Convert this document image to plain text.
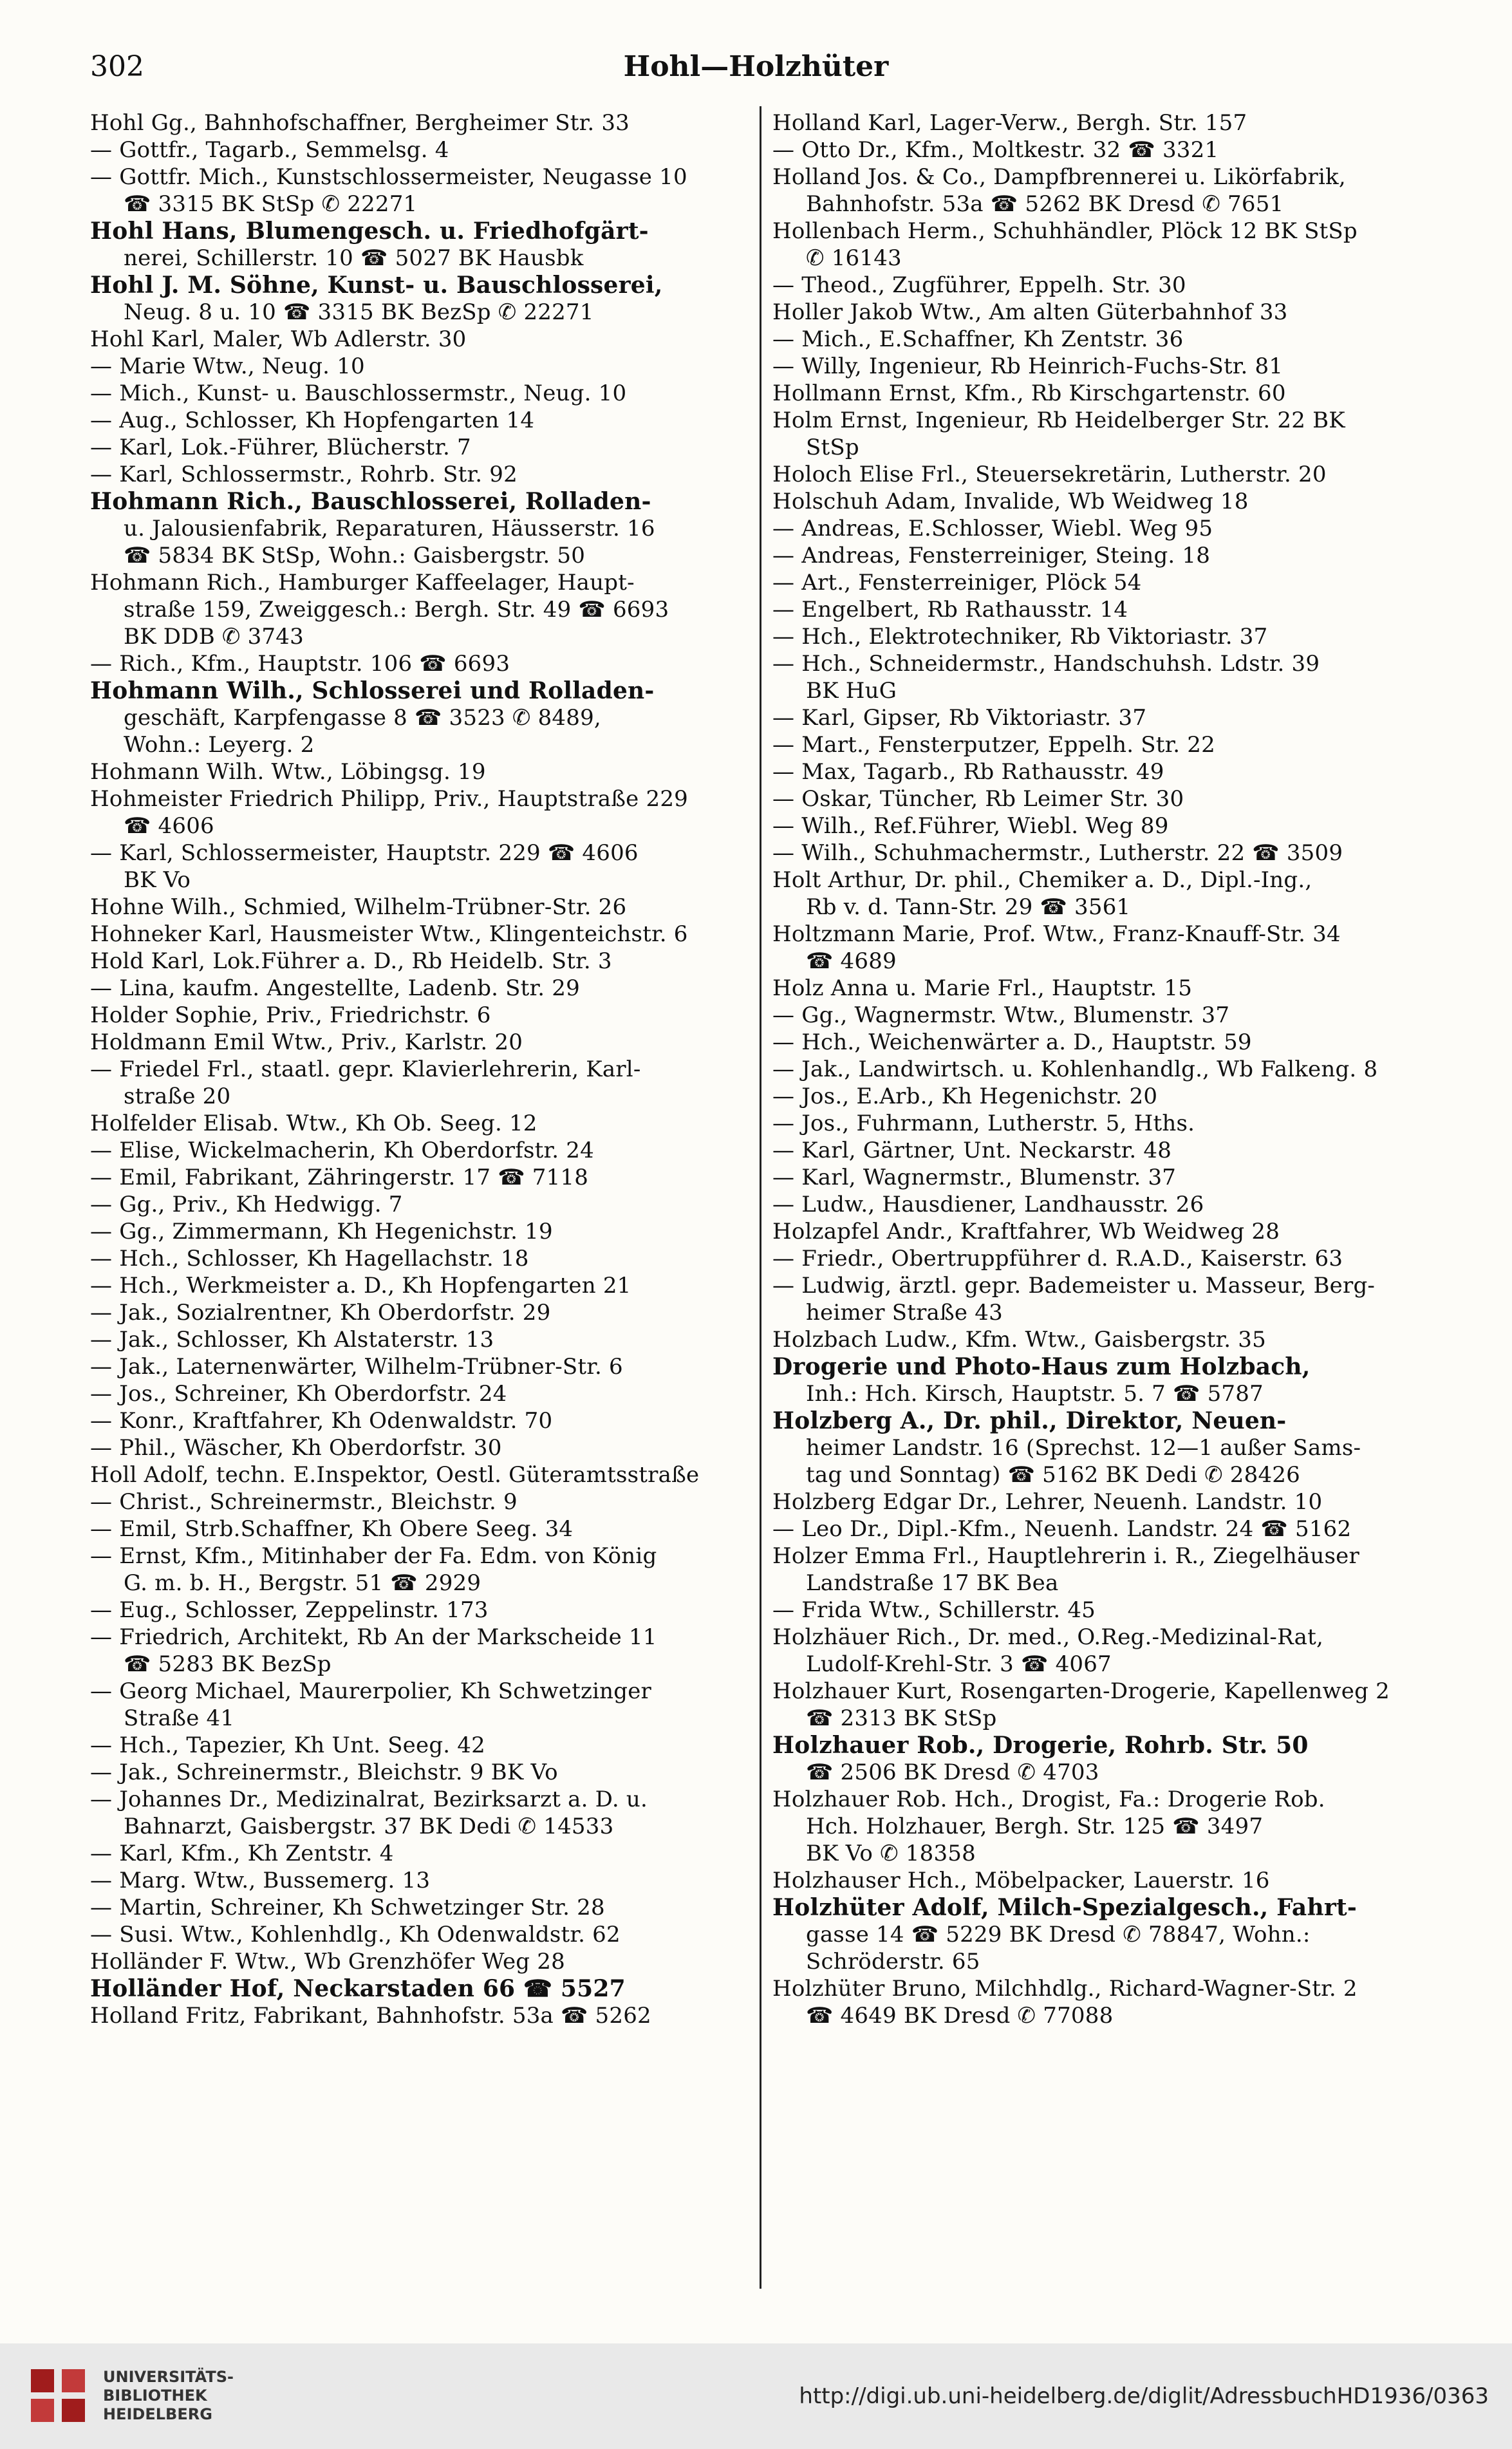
302	Hohl—Holzhüter
Hohl Gg., Bahnhofschaffner, Bergheimer Str. 33
— Gottfr., Tagarb., Semmelsg. 4
— Gottfr. Mich., Kunstschlossermeister, Neugasse 10
☎ 3315 BK StSp ✆ 22271
Hohl Hans, Blumengesch. u. Friedhofgärt-
nerei, Schillerstr. 10 ☎ 5027 BK Hausbk
Hohl J. M. Söhne, Kunst- u. Bauschlosserei,
Neug. 8 u. 10 ☎ 3315 BK BezSp ✆ 22271
Hohl Karl, Maler, Wb Adlerstr. 30
— Marie Wtw., Neug. 10
— Mich., Kunst- u. Bauschlossermstr., Neug. 10
— Aug., Schlosser, Kh Hopfengarten 14
— Karl, Lok.-Führer, Blücherstr. 7
— Karl, Schlossermstr., Rohrb. Str. 92
Hohmann Rich., Bauschlosserei, Rolladen-
u. Jalousienfabrik, Reparaturen, Häusserstr. 16
☎ 5834 BK StSp, Wohn.: Gaisbergstr. 50
Hohmann Rich., Hamburger Kaffeelager, Haupt-
straße 159, Zweiggesch.: Bergh. Str. 49 ☎ 6693
BK DDB ✆ 3743
— Rich., Kfm., Hauptstr. 106 ☎ 6693
Hohmann Wilh., Schlosserei und Rolladen-
geschäft, Karpfengasse 8 ☎ 3523 ✆ 8489,
Wohn.: Leyerg. 2
Hohmann Wilh. Wtw., Löbingsg. 19
Hohmeister Friedrich Philipp, Priv., Hauptstraße 229
☎ 4606
— Karl, Schlossermeister, Hauptstr. 229 ☎ 4606
BK Vo
Hohne Wilh., Schmied, Wilhelm-Trübner-Str. 26
Hohneker Karl, Hausmeister Wtw., Klingenteichstr. 6
Hold Karl, Lok.Führer a. D., Rb Heidelb. Str. 3
— Lina, kaufm. Angestellte, Ladenb. Str. 29
Holder Sophie, Priv., Friedrichstr. 6
Holdmann Emil Wtw., Priv., Karlstr. 20
— Friedel Frl., staatl. gepr. Klavierlehrerin, Karl-
straße 20
Holfelder Elisab. Wtw., Kh Ob. Seeg. 12
— Elise, Wickelmacherin, Kh Oberdorfstr. 24
— Emil, Fabrikant, Zähringerstr. 17 ☎ 7118
— Gg., Priv., Kh Hedwigg. 7
— Gg., Zimmermann, Kh Hegenichstr. 19
— Hch., Schlosser, Kh Hagellachstr. 18
— Hch., Werkmeister a. D., Kh Hopfengarten 21
— Jak., Sozialrentner, Kh Oberdorfstr. 29
— Jak., Schlosser, Kh Alstaterstr. 13
— Jak., Laternenwärter, Wilhelm-Trübner-Str. 6
— Jos., Schreiner, Kh Oberdorfstr. 24
— Konr., Kraftfahrer, Kh Odenwaldstr. 70
— Phil., Wäscher, Kh Oberdorfstr. 30
Holl Adolf, techn. E.Inspektor, Oestl. Güteramtsstraße
— Christ., Schreinermstr., Bleichstr. 9
— Emil, Strb.Schaffner, Kh Obere Seeg. 34
— Ernst, Kfm., Mitinhaber der Fa. Edm. von König
G. m. b. H., Bergstr. 51 ☎ 2929
— Eug., Schlosser, Zeppelinstr. 173
— Friedrich, Architekt, Rb An der Markscheide 11
☎ 5283 BK BezSp
— Georg Michael, Maurerpolier, Kh Schwetzinger
Straße 41
— Hch., Tapezier, Kh Unt. Seeg. 42
— Jak., Schreinermstr., Bleichstr. 9 BK Vo
— Johannes Dr., Medizinalrat, Bezirksarzt a. D. u.
Bahnarzt, Gaisbergstr. 37 BK Dedi ✆ 14533
— Karl, Kfm., Kh Zentstr. 4
— Marg. Wtw., Bussemerg. 13
— Martin, Schreiner, Kh Schwetzinger Str. 28
— Susi. Wtw., Kohlenhdlg., Kh Odenwaldstr. 62
Holländer F. Wtw., Wb Grenzhöfer Weg 28
Holländer Hof, Neckarstaden 66 ☎ 5527
Holland Fritz, Fabrikant, Bahnhofstr. 53a ☎ 5262
Holland Karl, Lager-Verw., Bergh. Str. 157
— Otto Dr., Kfm., Moltkestr. 32 ☎ 3321
Holland Jos. & Co., Dampfbrennerei u. Likörfabrik,
Bahnhofstr. 53a ☎ 5262 BK Dresd ✆ 7651
Hollenbach Herm., Schuhhändler, Plöck 12 BK StSp
✆ 16143
— Theod., Zugführer, Eppelh. Str. 30
Holler Jakob Wtw., Am alten Güterbahnhof 33
— Mich., E.Schaffner, Kh Zentstr. 36
— Willy, Ingenieur, Rb Heinrich-Fuchs-Str. 81
Hollmann Ernst, Kfm., Rb Kirschgartenstr. 60
Holm Ernst, Ingenieur, Rb Heidelberger Str. 22 BK
StSp
Holoch Elise Frl., Steuersekretärin, Lutherstr. 20
Holschuh Adam, Invalide, Wb Weidweg 18
— Andreas, E.Schlosser, Wiebl. Weg 95
— Andreas, Fensterreiniger, Steing. 18
— Art., Fensterreiniger, Plöck 54
— Engelbert, Rb Rathausstr. 14
— Hch., Elektrotechniker, Rb Viktoriastr. 37
— Hch., Schneidermstr., Handschuhsh. Ldstr. 39
BK HuG
— Karl, Gipser, Rb Viktoriastr. 37
— Mart., Fensterputzer, Eppelh. Str. 22
— Max, Tagarb., Rb Rathausstr. 49
— Oskar, Tüncher, Rb Leimer Str. 30
— Wilh., Ref.Führer, Wiebl. Weg 89
— Wilh., Schuhmachermstr., Lutherstr. 22 ☎ 3509
Holt Arthur, Dr. phil., Chemiker a. D., Dipl.-Ing.,
Rb v. d. Tann-Str. 29 ☎ 3561
Holtzmann Marie, Prof. Wtw., Franz-Knauff-Str. 34
☎ 4689
Holz Anna u. Marie Frl., Hauptstr. 15
— Gg., Wagnermstr. Wtw., Blumenstr. 37
— Hch., Weichenwärter a. D., Hauptstr. 59
— Jak., Landwirtsch. u. Kohlenhandlg., Wb Falkeng. 8
— Jos., E.Arb., Kh Hegenichstr. 20
— Jos., Fuhrmann, Lutherstr. 5, Hths.
— Karl, Gärtner, Unt. Neckarstr. 48
— Karl, Wagnermstr., Blumenstr. 37
— Ludw., Hausdiener, Landhausstr. 26
Holzapfel Andr., Kraftfahrer, Wb Weidweg 28
— Friedr., Obertruppführer d. R.A.D., Kaiserstr. 63
— Ludwig, ärztl. gepr. Bademeister u. Masseur, Berg-
heimer Straße 43
Holzbach Ludw., Kfm. Wtw., Gaisbergstr. 35
Drogerie und Photo-Haus zum Holzbach,
Inh.: Hch. Kirsch, Hauptstr. 5. 7 ☎ 5787
Holzberg A., Dr. phil., Direktor, Neuen-
heimer Landstr. 16 (Sprechst. 12—1 außer Sams-
tag und Sonntag) ☎ 5162 BK Dedi ✆ 28426
Holzberg Edgar Dr., Lehrer, Neuenh. Landstr. 10
— Leo Dr., Dipl.-Kfm., Neuenh. Landstr. 24 ☎ 5162
Holzer Emma Frl., Hauptlehrerin i. R., Ziegelhäuser
Landstraße 17 BK Bea
— Frida Wtw., Schillerstr. 45
Holzhäuer Rich., Dr. med., O.Reg.-Medizinal-Rat,
Ludolf-Krehl-Str. 3 ☎ 4067
Holzhauer Kurt, Rosengarten-Drogerie, Kapellenweg 2
☎ 2313 BK StSp
Holzhauer Rob., Drogerie, Rohrb. Str. 50
☎ 2506 BK Dresd ✆ 4703
Holzhauer Rob. Hch., Drogist, Fa.: Drogerie Rob.
Hch. Holzhauer, Bergh. Str. 125 ☎ 3497
BK Vo ✆ 18358
Holzhauser Hch., Möbelpacker, Lauerstr. 16
Holzhüter Adolf, Milch-Spezialgesch., Fahrt-
gasse 14 ☎ 5229 BK Dresd ✆ 78847, Wohn.:
Schröderstr. 65
Holzhüter Bruno, Milchhdlg., Richard-Wagner-Str. 2
☎ 4649 BK Dresd ✆ 77088
UNIVERSITÄTS-
BIBLIOTHEK
HEIDELBERG
http://digi.ub.uni-heidelberg.de/diglit/AdressbuchHD1936/0363
